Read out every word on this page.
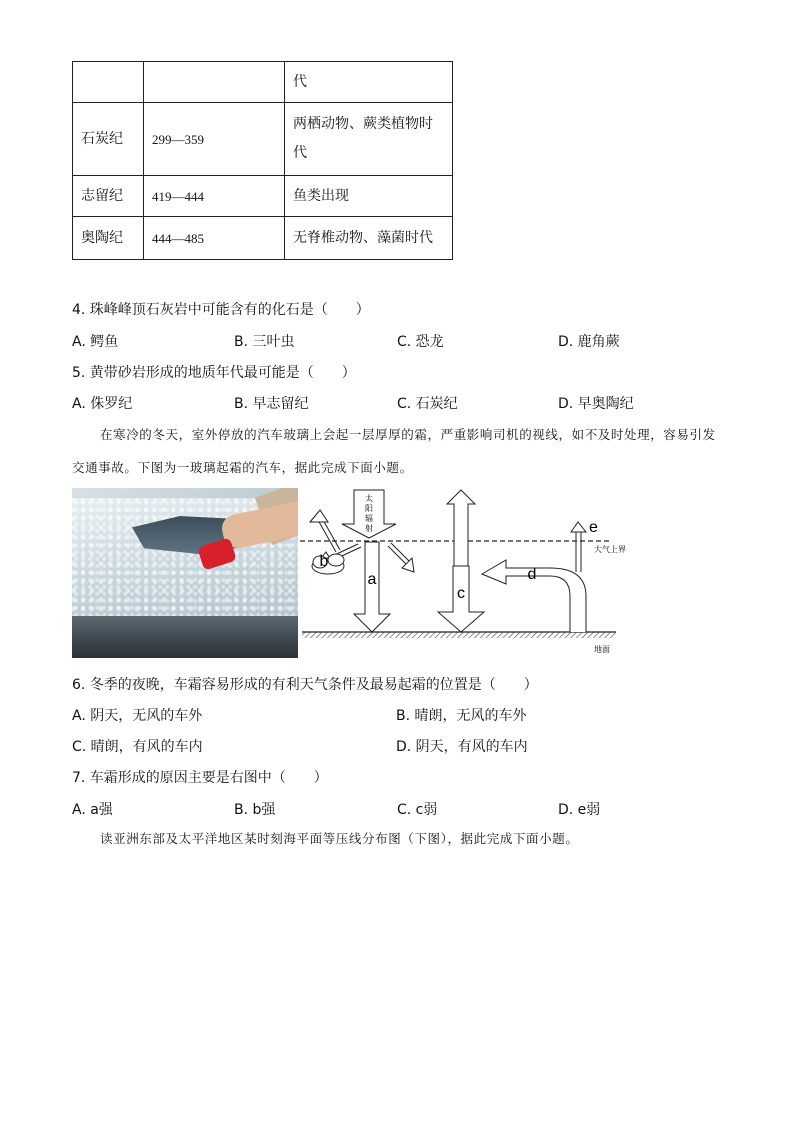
		代
石炭纪	299—359	两栖动物、蕨类植物时代
志留纪	419—444	鱼类出现
奥陶纪	444—485	无脊椎动物、藻菌时代
4. 珠峰峰顶石灰岩中可能含有的化石是（　　）
A. 鳄鱼	B. 三叶虫	C. 恐龙	D. 鹿角蕨
5. 黄带砂岩形成的地质年代最可能是（　　）
A. 侏罗纪	B. 早志留纪	C. 石炭纪	D. 早奥陶纪
在寒冷的冬天，室外停放的汽车玻璃上会起一层厚厚的霜，严重影响司机的视线，如不及时处理，容易引发交通事故。下图为一玻璃起霜的汽车，据此完成下面小题。
大气上界
地面
太
阳
辐
射
a
b
c
d
e
6. 冬季的夜晚，车霜容易形成的有利天气条件及最易起霜的位置是（　　）
A. 阴天，无风的车外	B. 晴朗，无风的车外
C. 晴朗，有风的车内	D. 阴天，有风的车内
7. 车霜形成的原因主要是右图中（　　）
A. a强	B. b强	C. c弱	D. e弱
读亚洲东部及太平洋地区某时刻海平面等压线分布图（下图），据此完成下面小题。
